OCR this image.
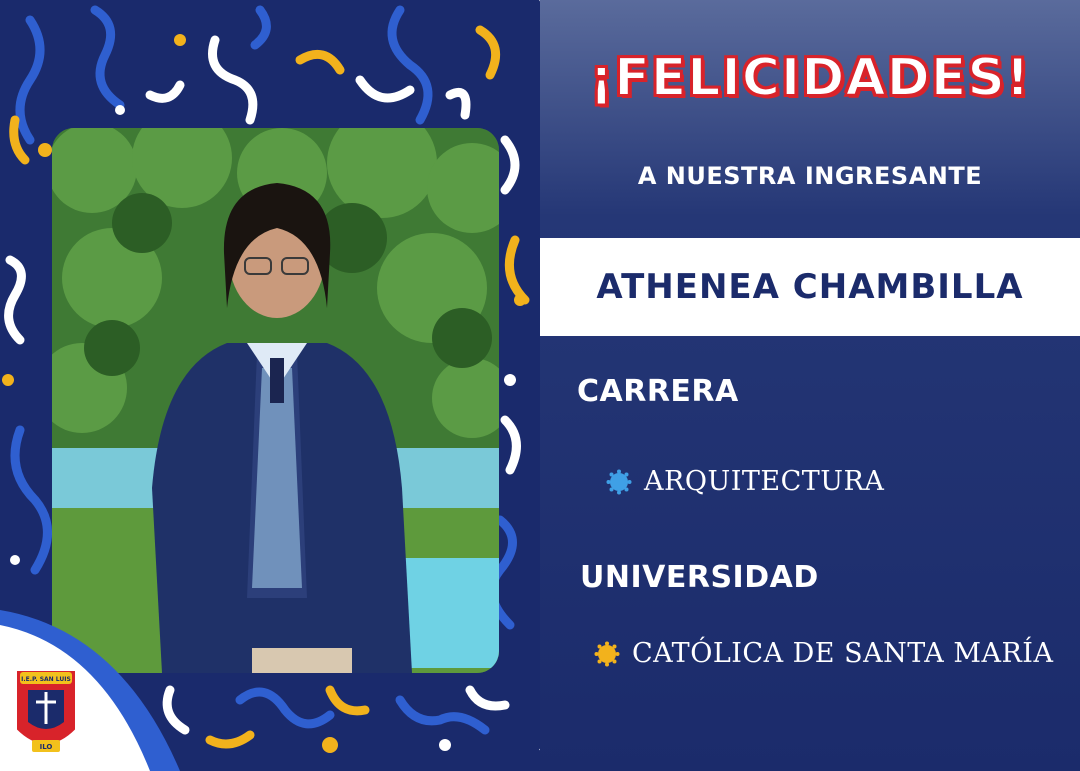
I.E.P. SAN LUIS
ILO
¡FELICIDADES!
A NUESTRA INGRESANTE
ATHENEA CHAMBILLA
CARRERA
ARQUITECTURA
UNIVERSIDAD
CATÓLICA DE SANTA MARÍA
